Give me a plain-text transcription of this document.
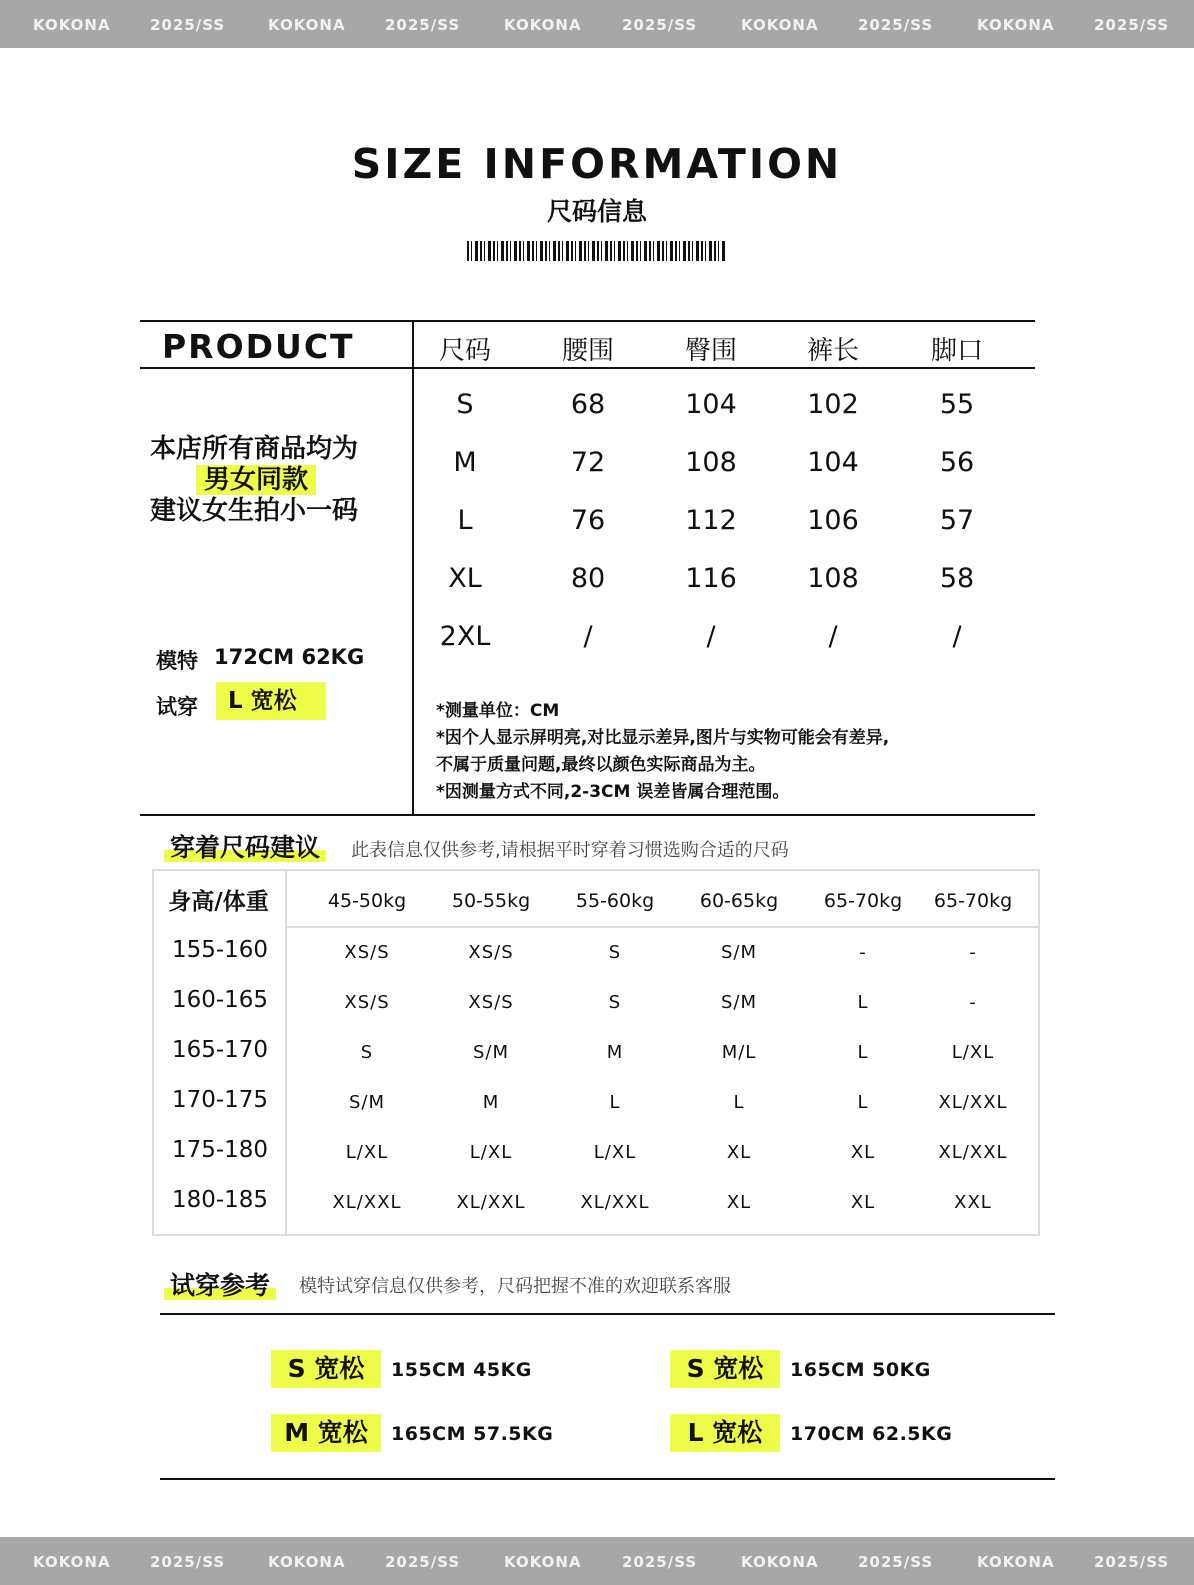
KOKONA	2025/SS	KOKONA	2025/SS	KOKONA	2025/SS	KOKONA	2025/SS	KOKONA	2025/SS
SIZE INFORMATION
尺码信息
PRODUCT	尺码	腰围	臀围	裤长	脚口
S	68	104	102	55
M	72	108	104	56
L	76	112	106	57
XL	80	116	108	58
2XL	/	/	/	/
本店所有商品均为
男女同款
建议女生拍小一码
模特 172CM 62KG
试穿	L 宽松	*测量单位：CM
*因个人显示屏明亮,对比显示差异,图片与实物可能会有差异,
不属于质量问题,最终以颜色实际商品为主。
*因测量方式不同,2-3CM 误差皆属合理范围。
穿着尺码建议 此表信息仅供参考,请根据平时穿着习惯选购合适的尺码
身高/体重	45-50kg	50-55kg	55-60kg	60-65kg	65-70kg	65-70kg
155-160	XS/S	XS/S	S	S/M	-	-
160-165	XS/S	XS/S	S	S/M	L	-
165-170	S	S/M	M	M/L	L	L/XL
170-175	S/M	M	L	L	L	XL/XXL
175-180	L/XL	L/XL	L/XL	XL	XL	XL/XXL
180-185	XL/XXL	XL/XXL	XL/XXL	XL	XL	XXL
试穿参考 模特试穿信息仅供参考，尺码把握不准的欢迎联系客服
S 宽松	155CM 45KG	S 宽松	165CM 50KG
M 宽松	165CM 57.5KG	L 宽松	170CM 62.5KG
KOKONA	2025/SS	KOKONA	2025/SS	KOKONA	2025/SS	KOKONA	2025/SS	KOKONA	2025/SS
